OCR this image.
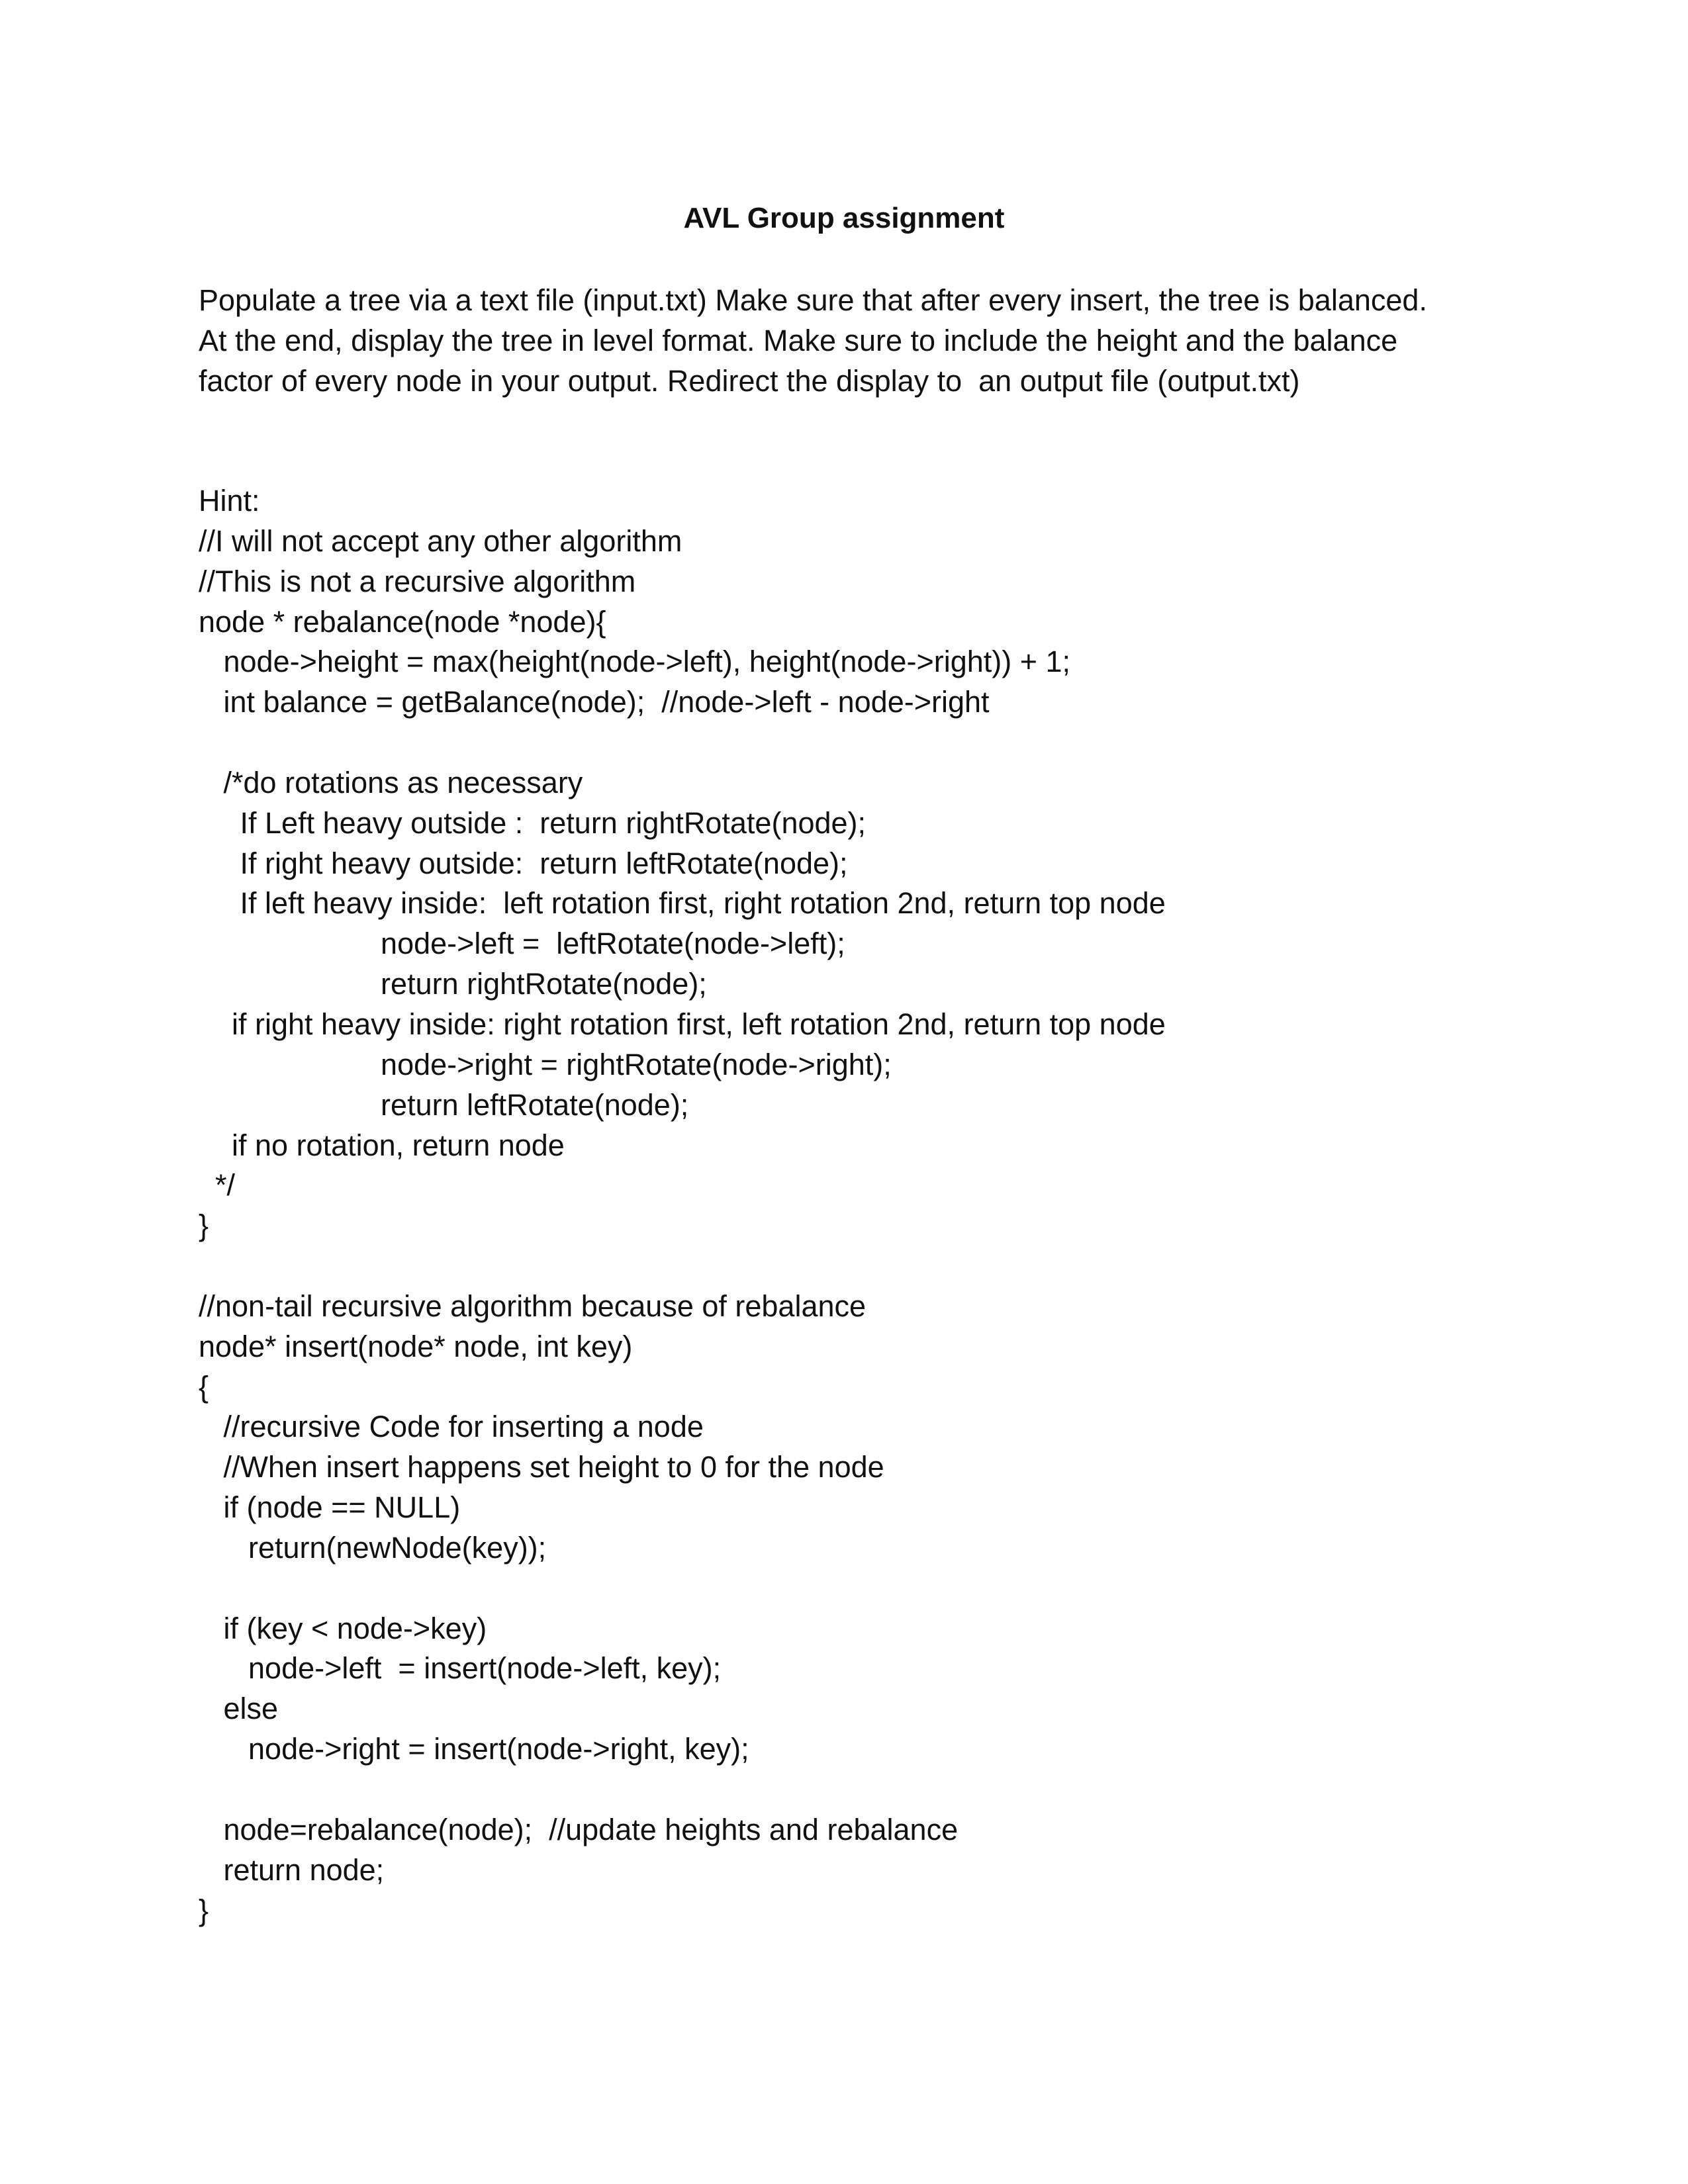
AVL Group assignment
Populate a tree via a text file (input.txt) Make sure that after every insert, the tree is balanced.
At the end, display the tree in level format. Make sure to include the height and the balance
factor of every node in your output. Redirect the display to  an output file (output.txt)
Hint:
//I will not accept any other algorithm
//This is not a recursive algorithm
node * rebalance(node *node){
node->height = max(height(node->left), height(node->right)) + 1;
int balance = getBalance(node);  //node->left - node->right
/*do rotations as necessary
If Left heavy outside :  return rightRotate(node);
If right heavy outside:  return leftRotate(node);
If left heavy inside:  left rotation first, right rotation 2nd, return top node
node->left =  leftRotate(node->left);
return rightRotate(node);
if right heavy inside: right rotation first, left rotation 2nd, return top node
node->right = rightRotate(node->right);
return leftRotate(node);
if no rotation, return node
*/
}
//non-tail recursive algorithm because of rebalance
node* insert(node* node, int key)
{
//recursive Code for inserting a node
//When insert happens set height to 0 for the node
if (node == NULL)
return(newNode(key));
if (key < node->key)
node->left  = insert(node->left, key);
else
node->right = insert(node->right, key);
node=rebalance(node);  //update heights and rebalance
return node;
}
